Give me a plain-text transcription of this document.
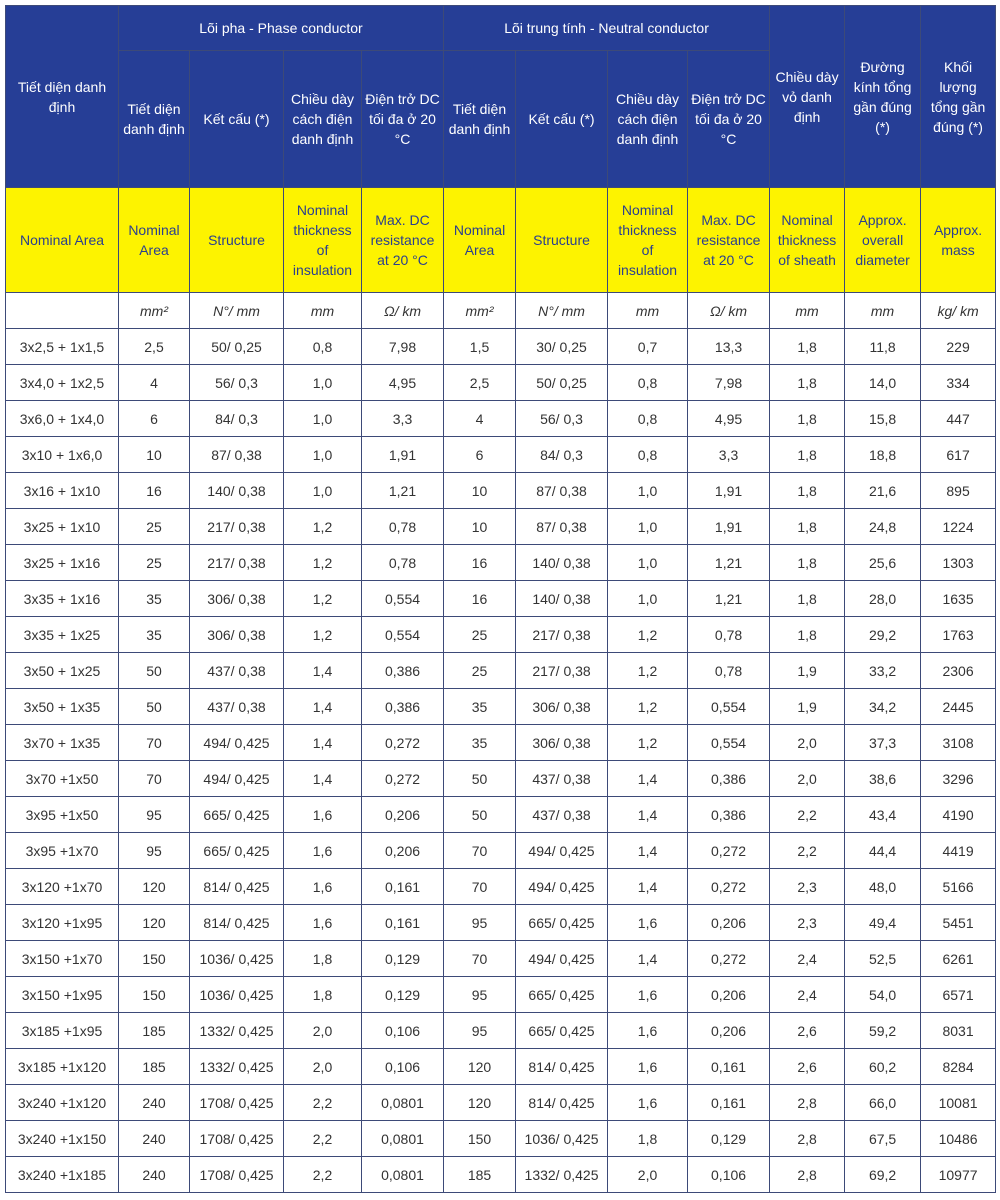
Tiết diện danh định	Lõi pha - Phase conductor				Lõi trung tính - Neutral conductor				Chiều dày vỏ danh định	Đường kính tổng gần đúng (*)	Khối lượng tổng gần đúng (*)
	Tiết diện danh định	Kết cấu (*)	Chiều dày cách điện danh định	Điện trở DC tối đa ở 20 °C	Tiết diện danh định	Kết cấu (*)	Chiều dày cách điện danh định	Điện trở DC tối đa ở 20 °C			
Nominal Area	Nominal Area	Structure	Nominal thickness of insulation	Max. DC resistance at 20 °C	Nominal Area	Structure	Nominal thickness of insulation	Max. DC resistance at 20 °C	Nominal thickness of sheath	Approx. overall diameter	Approx. mass
	mm²	N°/ mm	mm	Ω/ km	mm²	N°/ mm	mm	Ω/ km	mm	mm	kg/ km
3x2,5 + 1x1,5	2,5	50/ 0,25	0,8	7,98	1,5	30/ 0,25	0,7	13,3	1,8	11,8	229
3x4,0 + 1x2,5	4	56/ 0,3	1,0	4,95	2,5	50/ 0,25	0,8	7,98	1,8	14,0	334
3x6,0 + 1x4,0	6	84/ 0,3	1,0	3,3	4	56/ 0,3	0,8	4,95	1,8	15,8	447
3x10 + 1x6,0	10	87/ 0,38	1,0	1,91	6	84/ 0,3	0,8	3,3	1,8	18,8	617
3x16 + 1x10	16	140/ 0,38	1,0	1,21	10	87/ 0,38	1,0	1,91	1,8	21,6	895
3x25 + 1x10	25	217/ 0,38	1,2	0,78	10	87/ 0,38	1,0	1,91	1,8	24,8	1224
3x25 + 1x16	25	217/ 0,38	1,2	0,78	16	140/ 0,38	1,0	1,21	1,8	25,6	1303
3x35 + 1x16	35	306/ 0,38	1,2	0,554	16	140/ 0,38	1,0	1,21	1,8	28,0	1635
3x35 + 1x25	35	306/ 0,38	1,2	0,554	25	217/ 0,38	1,2	0,78	1,8	29,2	1763
3x50 + 1x25	50	437/ 0,38	1,4	0,386	25	217/ 0,38	1,2	0,78	1,9	33,2	2306
3x50 + 1x35	50	437/ 0,38	1,4	0,386	35	306/ 0,38	1,2	0,554	1,9	34,2	2445
3x70 + 1x35	70	494/ 0,425	1,4	0,272	35	306/ 0,38	1,2	0,554	2,0	37,3	3108
3x70 +1x50	70	494/ 0,425	1,4	0,272	50	437/ 0,38	1,4	0,386	2,0	38,6	3296
3x95 +1x50	95	665/ 0,425	1,6	0,206	50	437/ 0,38	1,4	0,386	2,2	43,4	4190
3x95 +1x70	95	665/ 0,425	1,6	0,206	70	494/ 0,425	1,4	0,272	2,2	44,4	4419
3x120 +1x70	120	814/ 0,425	1,6	0,161	70	494/ 0,425	1,4	0,272	2,3	48,0	5166
3x120 +1x95	120	814/ 0,425	1,6	0,161	95	665/ 0,425	1,6	0,206	2,3	49,4	5451
3x150 +1x70	150	1036/ 0,425	1,8	0,129	70	494/ 0,425	1,4	0,272	2,4	52,5	6261
3x150 +1x95	150	1036/ 0,425	1,8	0,129	95	665/ 0,425	1,6	0,206	2,4	54,0	6571
3x185 +1x95	185	1332/ 0,425	2,0	0,106	95	665/ 0,425	1,6	0,206	2,6	59,2	8031
3x185 +1x120	185	1332/ 0,425	2,0	0,106	120	814/ 0,425	1,6	0,161	2,6	60,2	8284
3x240 +1x120	240	1708/ 0,425	2,2	0,0801	120	814/ 0,425	1,6	0,161	2,8	66,0	10081
3x240 +1x150	240	1708/ 0,425	2,2	0,0801	150	1036/ 0,425	1,8	0,129	2,8	67,5	10486
3x240 +1x185	240	1708/ 0,425	2,2	0,0801	185	1332/ 0,425	2,0	0,106	2,8	69,2	10977
